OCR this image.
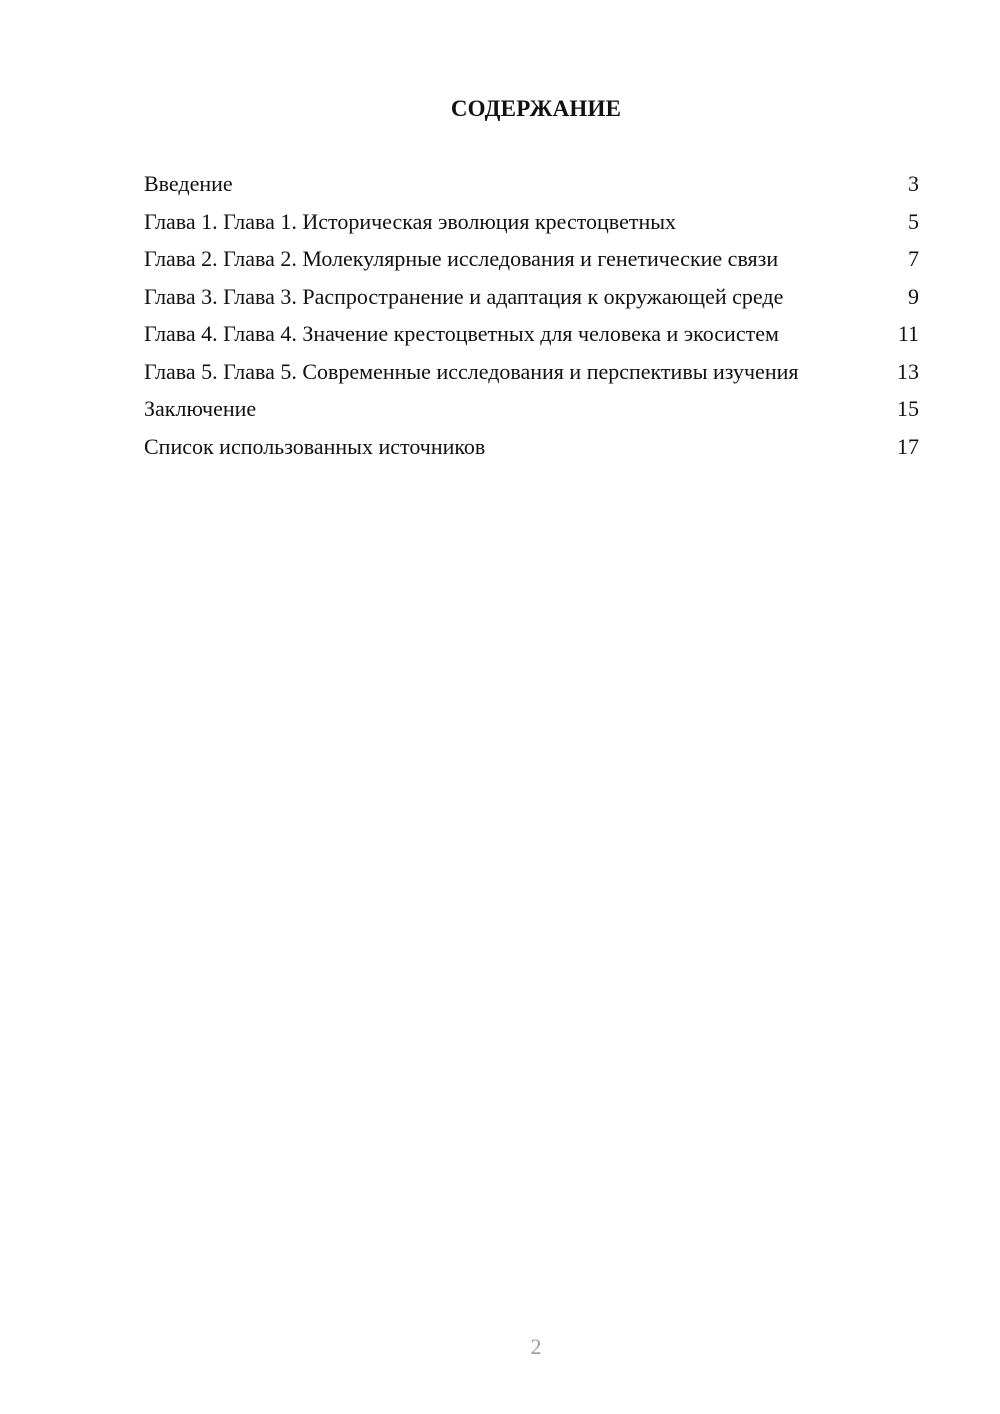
СОДЕРЖАНИЕ
Введение	3
Глава 1. Глава 1. Историческая эволюция крестоцветных	5
Глава 2. Глава 2. Молекулярные исследования и генетические связи	7
Глава 3. Глава 3. Распространение и адаптация к окружающей среде	9
Глава 4. Глава 4. Значение крестоцветных для человека и экосистем	11
Глава 5. Глава 5. Современные исследования и перспективы изучения	13
Заключение	15
Список использованных источников	17
2
